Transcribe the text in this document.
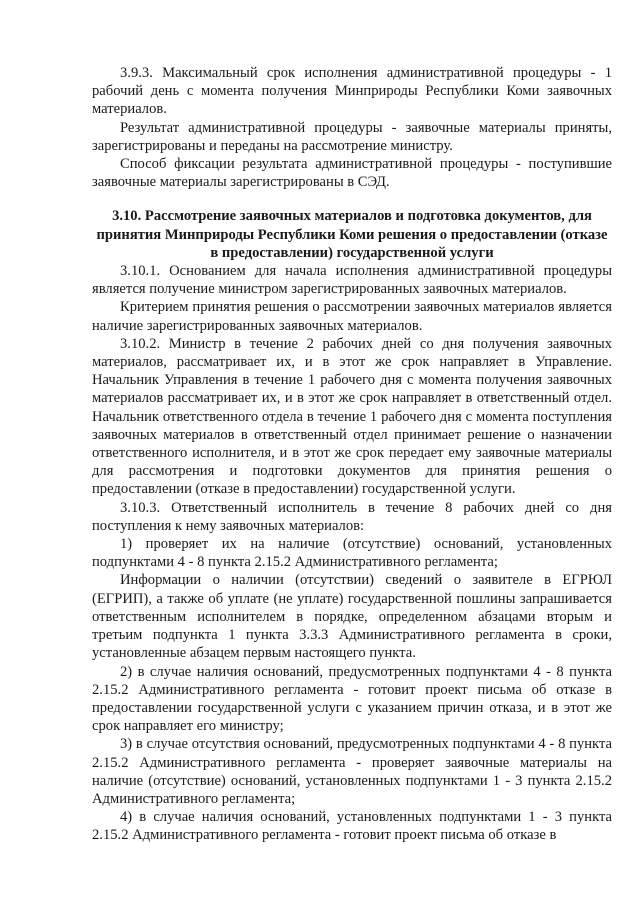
3.9.3. Максимальный срок исполнения административной процедуры - 1 рабочий день с момента получения Минприроды Республики Коми заявочных материалов.

Результат административной процедуры - заявочные материалы приняты, зарегистрированы и переданы на рассмотрение министру.

Способ фиксации результата административной процедуры - поступившие заявочные материалы зарегистрированы в СЭД.

3.10. Рассмотрение заявочных материалов и подготовка документов, для принятия Минприроды Республики Коми решения о предоставлении (отказе в предоставлении) государственной услуги

3.10.1. Основанием для начала исполнения административной процедуры является получение министром зарегистрированных заявочных материалов.

Критерием принятия решения о рассмотрении заявочных материалов является наличие зарегистрированных заявочных материалов.

3.10.2. Министр в течение 2 рабочих дней со дня получения заявочных материалов, рассматривает их, и в этот же срок направляет в Управление. Начальник Управления в течение 1 рабочего дня с момента получения заявочных материалов рассматривает их, и в этот же срок направляет в ответственный отдел. Начальник ответственного отдела в течение 1 рабочего дня с момента поступления заявочных материалов в ответственный отдел принимает решение о назначении ответственного исполнителя, и в этот же срок передает ему заявочные материалы для рассмотрения и подготовки документов для принятия решения о предоставлении (отказе в предоставлении) государственной услуги.

3.10.3. Ответственный исполнитель в течение 8 рабочих дней со дня поступления к нему заявочных материалов:

1) проверяет их на наличие (отсутствие) оснований, установленных подпунктами 4 - 8 пункта 2.15.2 Административного регламента;

Информации о наличии (отсутствии) сведений о заявителе в ЕГРЮЛ (ЕГРИП), а также об уплате (не уплате) государственной пошлины запрашивается ответственным исполнителем в порядке, определенном абзацами вторым и третьим подпункта 1 пункта 3.3.3 Административного регламента в сроки, установленные абзацем первым настоящего пункта.

2) в случае наличия оснований, предусмотренных подпунктами 4 - 8 пункта 2.15.2 Административного регламента - готовит проект письма об отказе в предоставлении государственной услуги с указанием причин отказа, и в этот же срок направляет его министру;

3) в случае отсутствия оснований, предусмотренных подпунктами 4 - 8 пункта 2.15.2 Административного регламента - проверяет заявочные материалы на наличие (отсутствие) оснований, установленных подпунктами 1 - 3 пункта 2.15.2 Административного регламента;

4) в случае наличия оснований, установленных подпунктами 1 - 3 пункта 2.15.2 Административного регламента - готовит проект письма об отказе в
